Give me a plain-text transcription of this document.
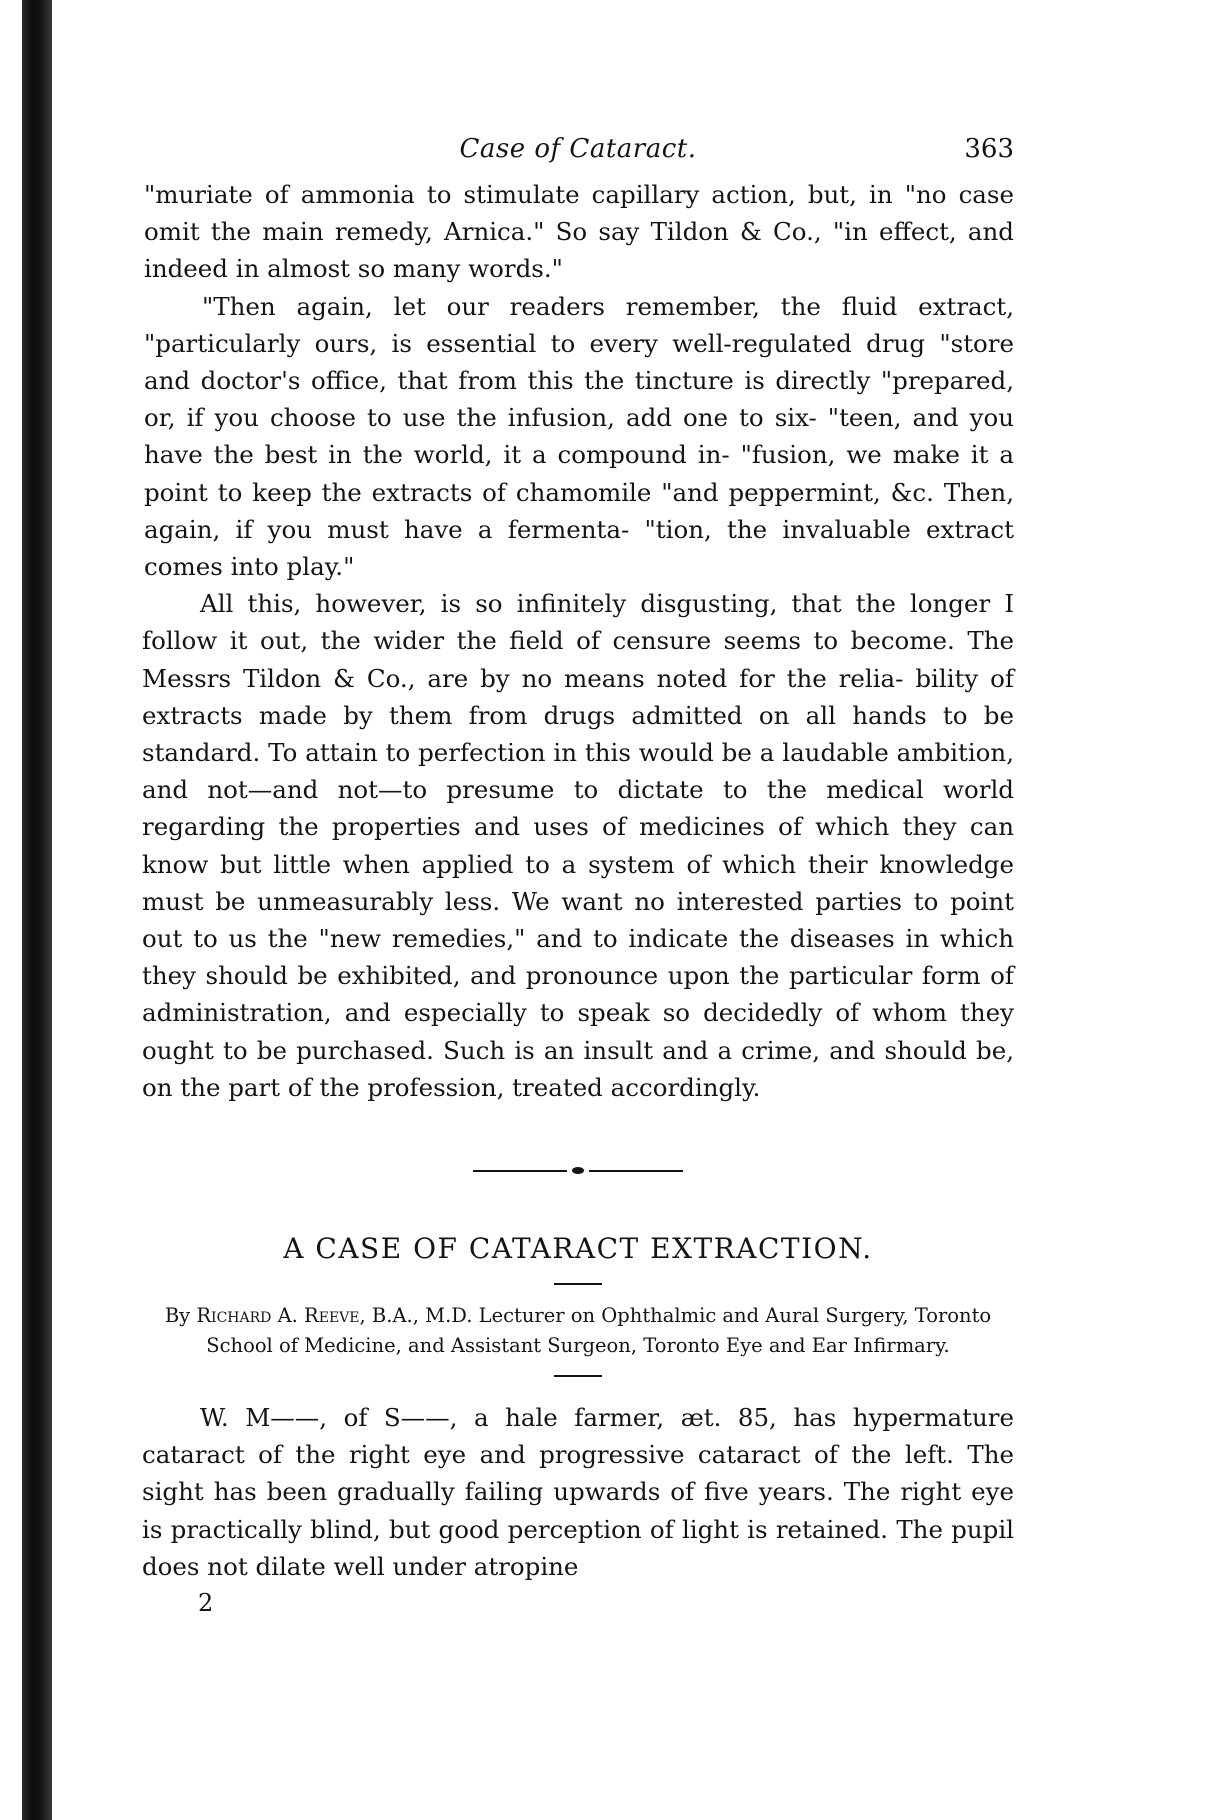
Case of Cataract.	363

"muriate of ammonia to stimulate capillary action, but, in "no case omit the main remedy, Arnica." So say Tildon & Co., "in effect, and indeed in almost so many words."

"Then again, let our readers remember, the fluid extract, "particularly ours, is essential to every well-regulated drug "store and doctor's office, that from this the tincture is directly "prepared, or, if you choose to use the infusion, add one to six- "teen, and you have the best in the world, it a compound in- "fusion, we make it a point to keep the extracts of chamomile "and peppermint, &c. Then, again, if you must have a fermenta- "tion, the invaluable extract comes into play."

All this, however, is so infinitely disgusting, that the longer I follow it out, the wider the field of censure seems to become. The Messrs Tildon & Co., are by no means noted for the relia- bility of extracts made by them from drugs admitted on all hands to be standard. To attain to perfection in this would be a laudable ambition, and not—and not—to presume to dictate to the medical world regarding the properties and uses of medicines of which they can know but little when applied to a system of which their knowledge must be unmeasurably less. We want no interested parties to point out to us the "new remedies," and to indicate the diseases in which they should be exhibited, and pronounce upon the particular form of administration, and especially to speak so decidedly of whom they ought to be purchased. Such is an insult and a crime, and should be, on the part of the profession, treated accordingly.

A CASE OF CATARACT EXTRACTION.
By Richard A. Reeve, B.A., M.D. Lecturer on Ophthalmic and Aural Surgery, Toronto School of Medicine, and Assistant Surgeon, Toronto Eye and Ear Infirmary.

W. M——, of S——, a hale farmer, æt. 85, has hypermature cataract of the right eye and progressive cataract of the left. The sight has been gradually failing upwards of five years. The right eye is practically blind, but good perception of light is retained. The pupil does not dilate well under atropine

2
